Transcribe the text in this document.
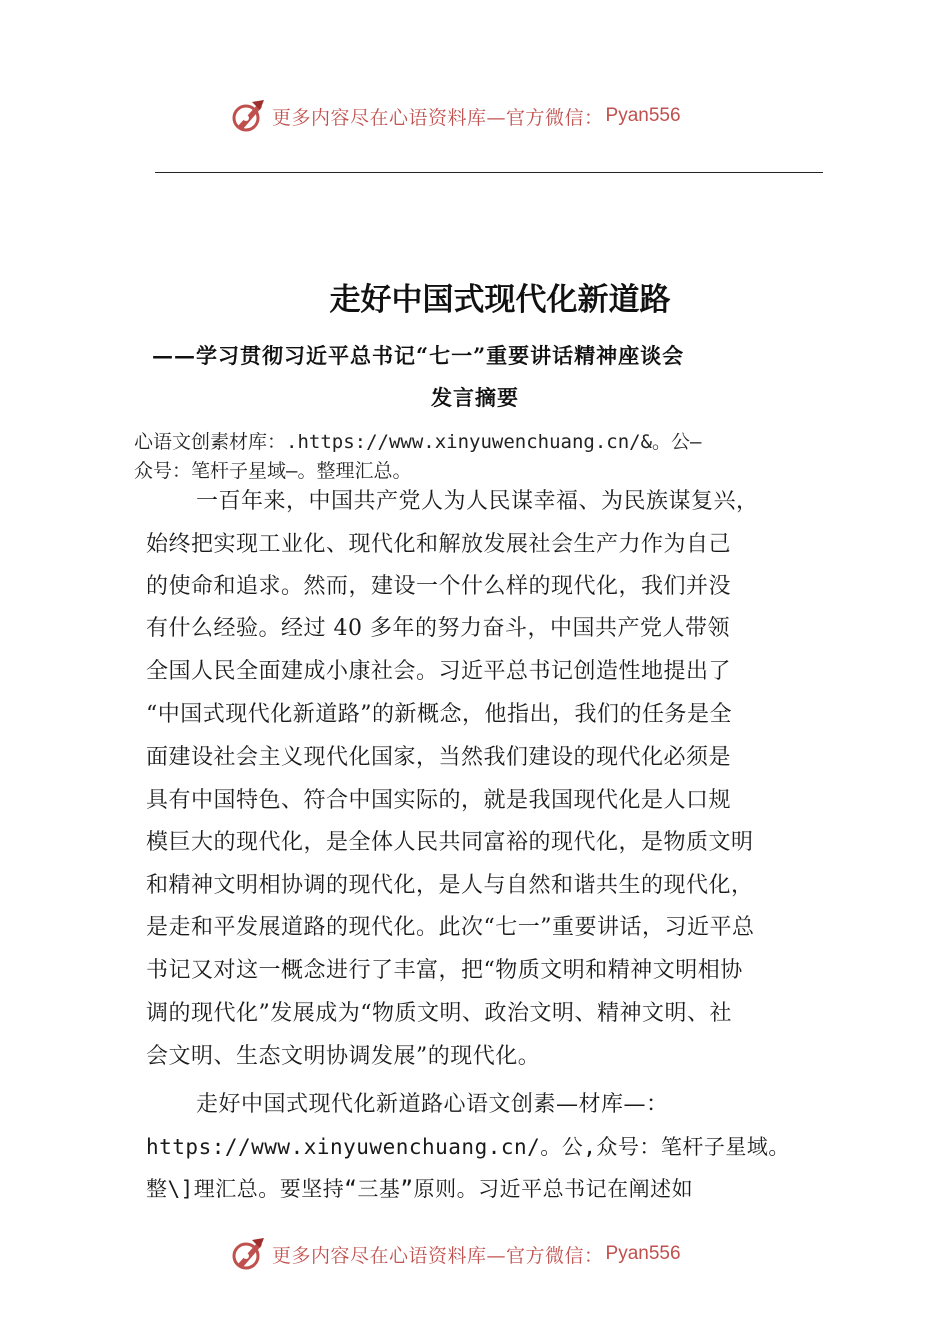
更多内容尽在心语资料库—官方微信： Pyan556
走好中国式现代化新道路
——学习贯彻习近平总书记“七一”重要讲话精神座谈会
发言摘要
心语文创素材库：.https://www.xinyuwenchuang.cn/&。公—
众号：笔杆子星域—。整理汇总。
一百年来，中国共产党人为人民谋幸福、为民族谋复兴，
始终把实现工业化、现代化和解放发展社会生产力作为自己
的使命和追求。然而，建设一个什么样的现代化，我们并没
有什么经验。经过 40 多年的努力奋斗，中国共产党人带领
全国人民全面建成小康社会。习近平总书记创造性地提出了
“中国式现代化新道路”的新概念，他指出，我们的任务是全
面建设社会主义现代化国家，当然我们建设的现代化必须是
具有中国特色、符合中国实际的，就是我国现代化是人口规
模巨大的现代化，是全体人民共同富裕的现代化，是物质文明
和精神文明相协调的现代化，是人与自然和谐共生的现代化，
是走和平发展道路的现代化。此次“七一”重要讲话，习近平总
书记又对这一概念进行了丰富，把“物质文明和精神文明相协
调的现代化”发展成为“物质文明、政治文明、精神文明、社
会文明、生态文明协调发展”的现代化。
走好中国式现代化新道路心语文创素—材库—：
https://www.xinyuwenchuang.cn/。公,众号：笔杆子星域。
整\]理汇总。要坚持“三基”原则。习近平总书记在阐述如
更多内容尽在心语资料库—官方微信： Pyan556
